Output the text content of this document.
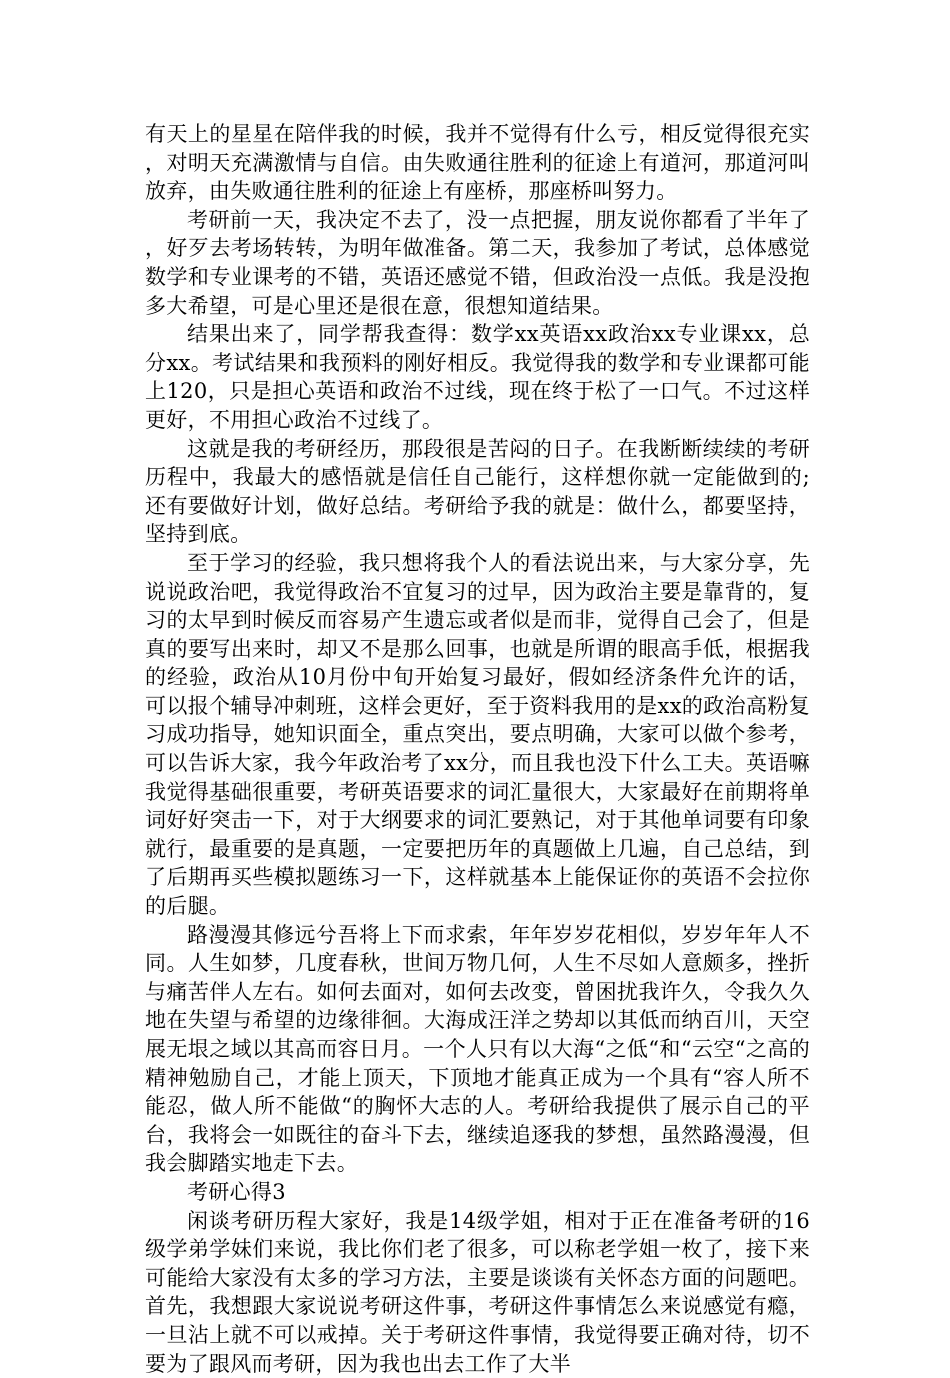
有天上的星星在陪伴我的时候，我并不觉得有什么亏，相反觉得很充实，对明天充满激情与自信。由失败通往胜利的征途上有道河，那道河叫放弃，由失败通往胜利的征途上有座桥，那座桥叫努力。

考研前一天，我决定不去了，没一点把握，朋友说你都看了半年了，好歹去考场转转，为明年做准备。第二天，我参加了考试，总体感觉数学和专业课考的不错，英语还感觉不错，但政治没一点低。我是没抱多大希望，可是心里还是很在意，很想知道结果。

结果出来了，同学帮我查得：数学xx英语xx政治xx专业课xx，总分xx。考试结果和我预料的刚好相反。我觉得我的数学和专业课都可能上120，只是担心英语和政治不过线，现在终于松了一口气。不过这样更好，不用担心政治不过线了。

这就是我的考研经历，那段很是苦闷的日子。在我断断续续的考研历程中，我最大的感悟就是信任自己能行，这样想你就一定能做到的;还有要做好计划，做好总结。考研给予我的就是：做什么，都要坚持，坚持到底。

至于学习的经验，我只想将我个人的看法说出来，与大家分享，先说说政治吧，我觉得政治不宜复习的过早，因为政治主要是靠背的，复习的太早到时候反而容易产生遗忘或者似是而非，觉得自己会了，但是真的要写出来时，却又不是那么回事，也就是所谓的眼高手低，根据我的经验，政治从10月份中旬开始复习最好，假如经济条件允许的话，可以报个辅导冲刺班，这样会更好，至于资料我用的是xx的政治高粉复习成功指导，她知识面全，重点突出，要点明确，大家可以做个参考，可以告诉大家，我今年政治考了xx分，而且我也没下什么工夫。英语嘛我觉得基础很重要，考研英语要求的词汇量很大，大家最好在前期将单词好好突击一下，对于大纲要求的词汇要熟记，对于其他单词要有印象就行，最重要的是真题，一定要把历年的真题做上几遍，自己总结，到了后期再买些模拟题练习一下，这样就基本上能保证你的英语不会拉你的后腿。

路漫漫其修远兮吾将上下而求索，年年岁岁花相似，岁岁年年人不同。人生如梦，几度春秋，世间万物几何，人生不尽如人意颇多，挫折与痛苦伴人左右。如何去面对，如何去改变，曾困扰我许久，令我久久地在失望与希望的边缘徘徊。大海成汪洋之势却以其低而纳百川，天空展无垠之域以其高而容日月。一个人只有以大海“之低“和“云空“之高的精神勉励自己，才能上顶天，下顶地才能真正成为一个具有“容人所不能忍，做人所不能做“的胸怀大志的人。考研给我提供了展示自己的平台，我将会一如既往的奋斗下去，继续追逐我的梦想，虽然路漫漫，但我会脚踏实地走下去。

考研心得3

闲谈考研历程大家好，我是14级学姐，相对于正在准备考研的16级学弟学妹们来说，我比你们老了很多，可以称老学姐一枚了，接下来可能给大家没有太多的学习方法，主要是谈谈有关怀态方面的问题吧。 首先，我想跟大家说说考研这件事，考研这件事情怎么来说感觉有瘾，一旦沾上就不可以戒掉。关于考研这件事情，我觉得要正确对待，切不要为了跟风而考研，因为我也出去工作了大半
